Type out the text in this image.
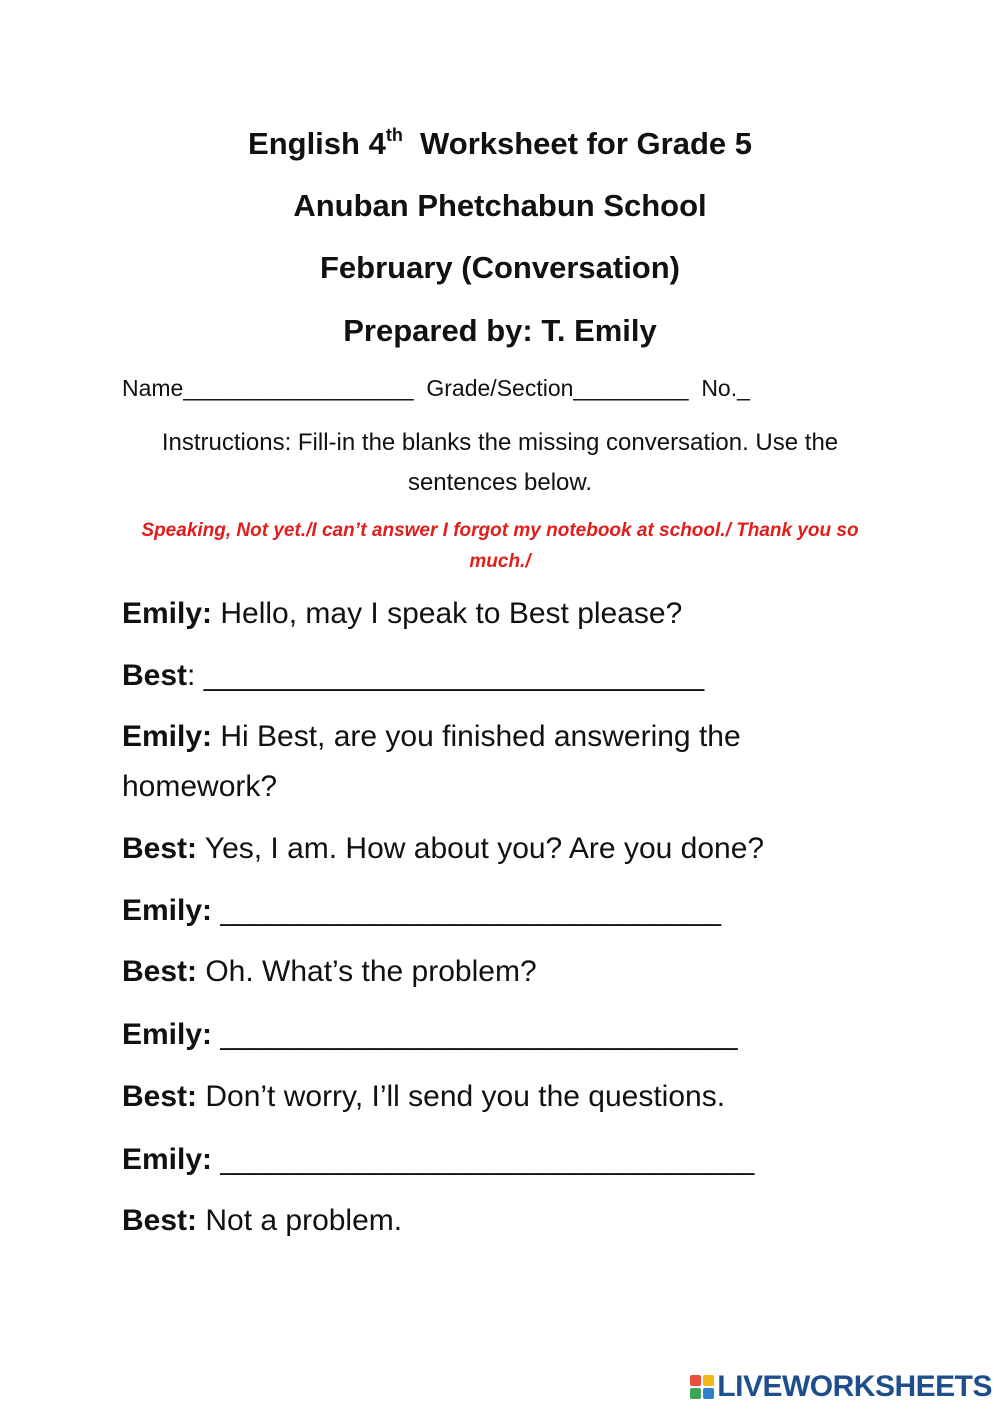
English 4th  Worksheet for Grade 5
Anuban Phetchabun School
February (Conversation)
Prepared by: T. Emily
Name__________________  Grade/Section_________  No._
Instructions: Fill-in the blanks the missing conversation. Use the sentences below.
Speaking, Not yet./I can’t answer I forgot my notebook at school./ Thank you so much./
Emily: Hello, may I speak to Best please?
Best: ______________________________
Emily: Hi Best, are you finished answering the homework?
Best: Yes, I am. How about you? Are you done?
Emily: ______________________________
Best: Oh. What’s the problem?
Emily: _______________________________
Best: Don’t worry, I’ll send you the questions.
Emily: ________________________________
Best: Not a problem.
LIVEWORKSHEETS
